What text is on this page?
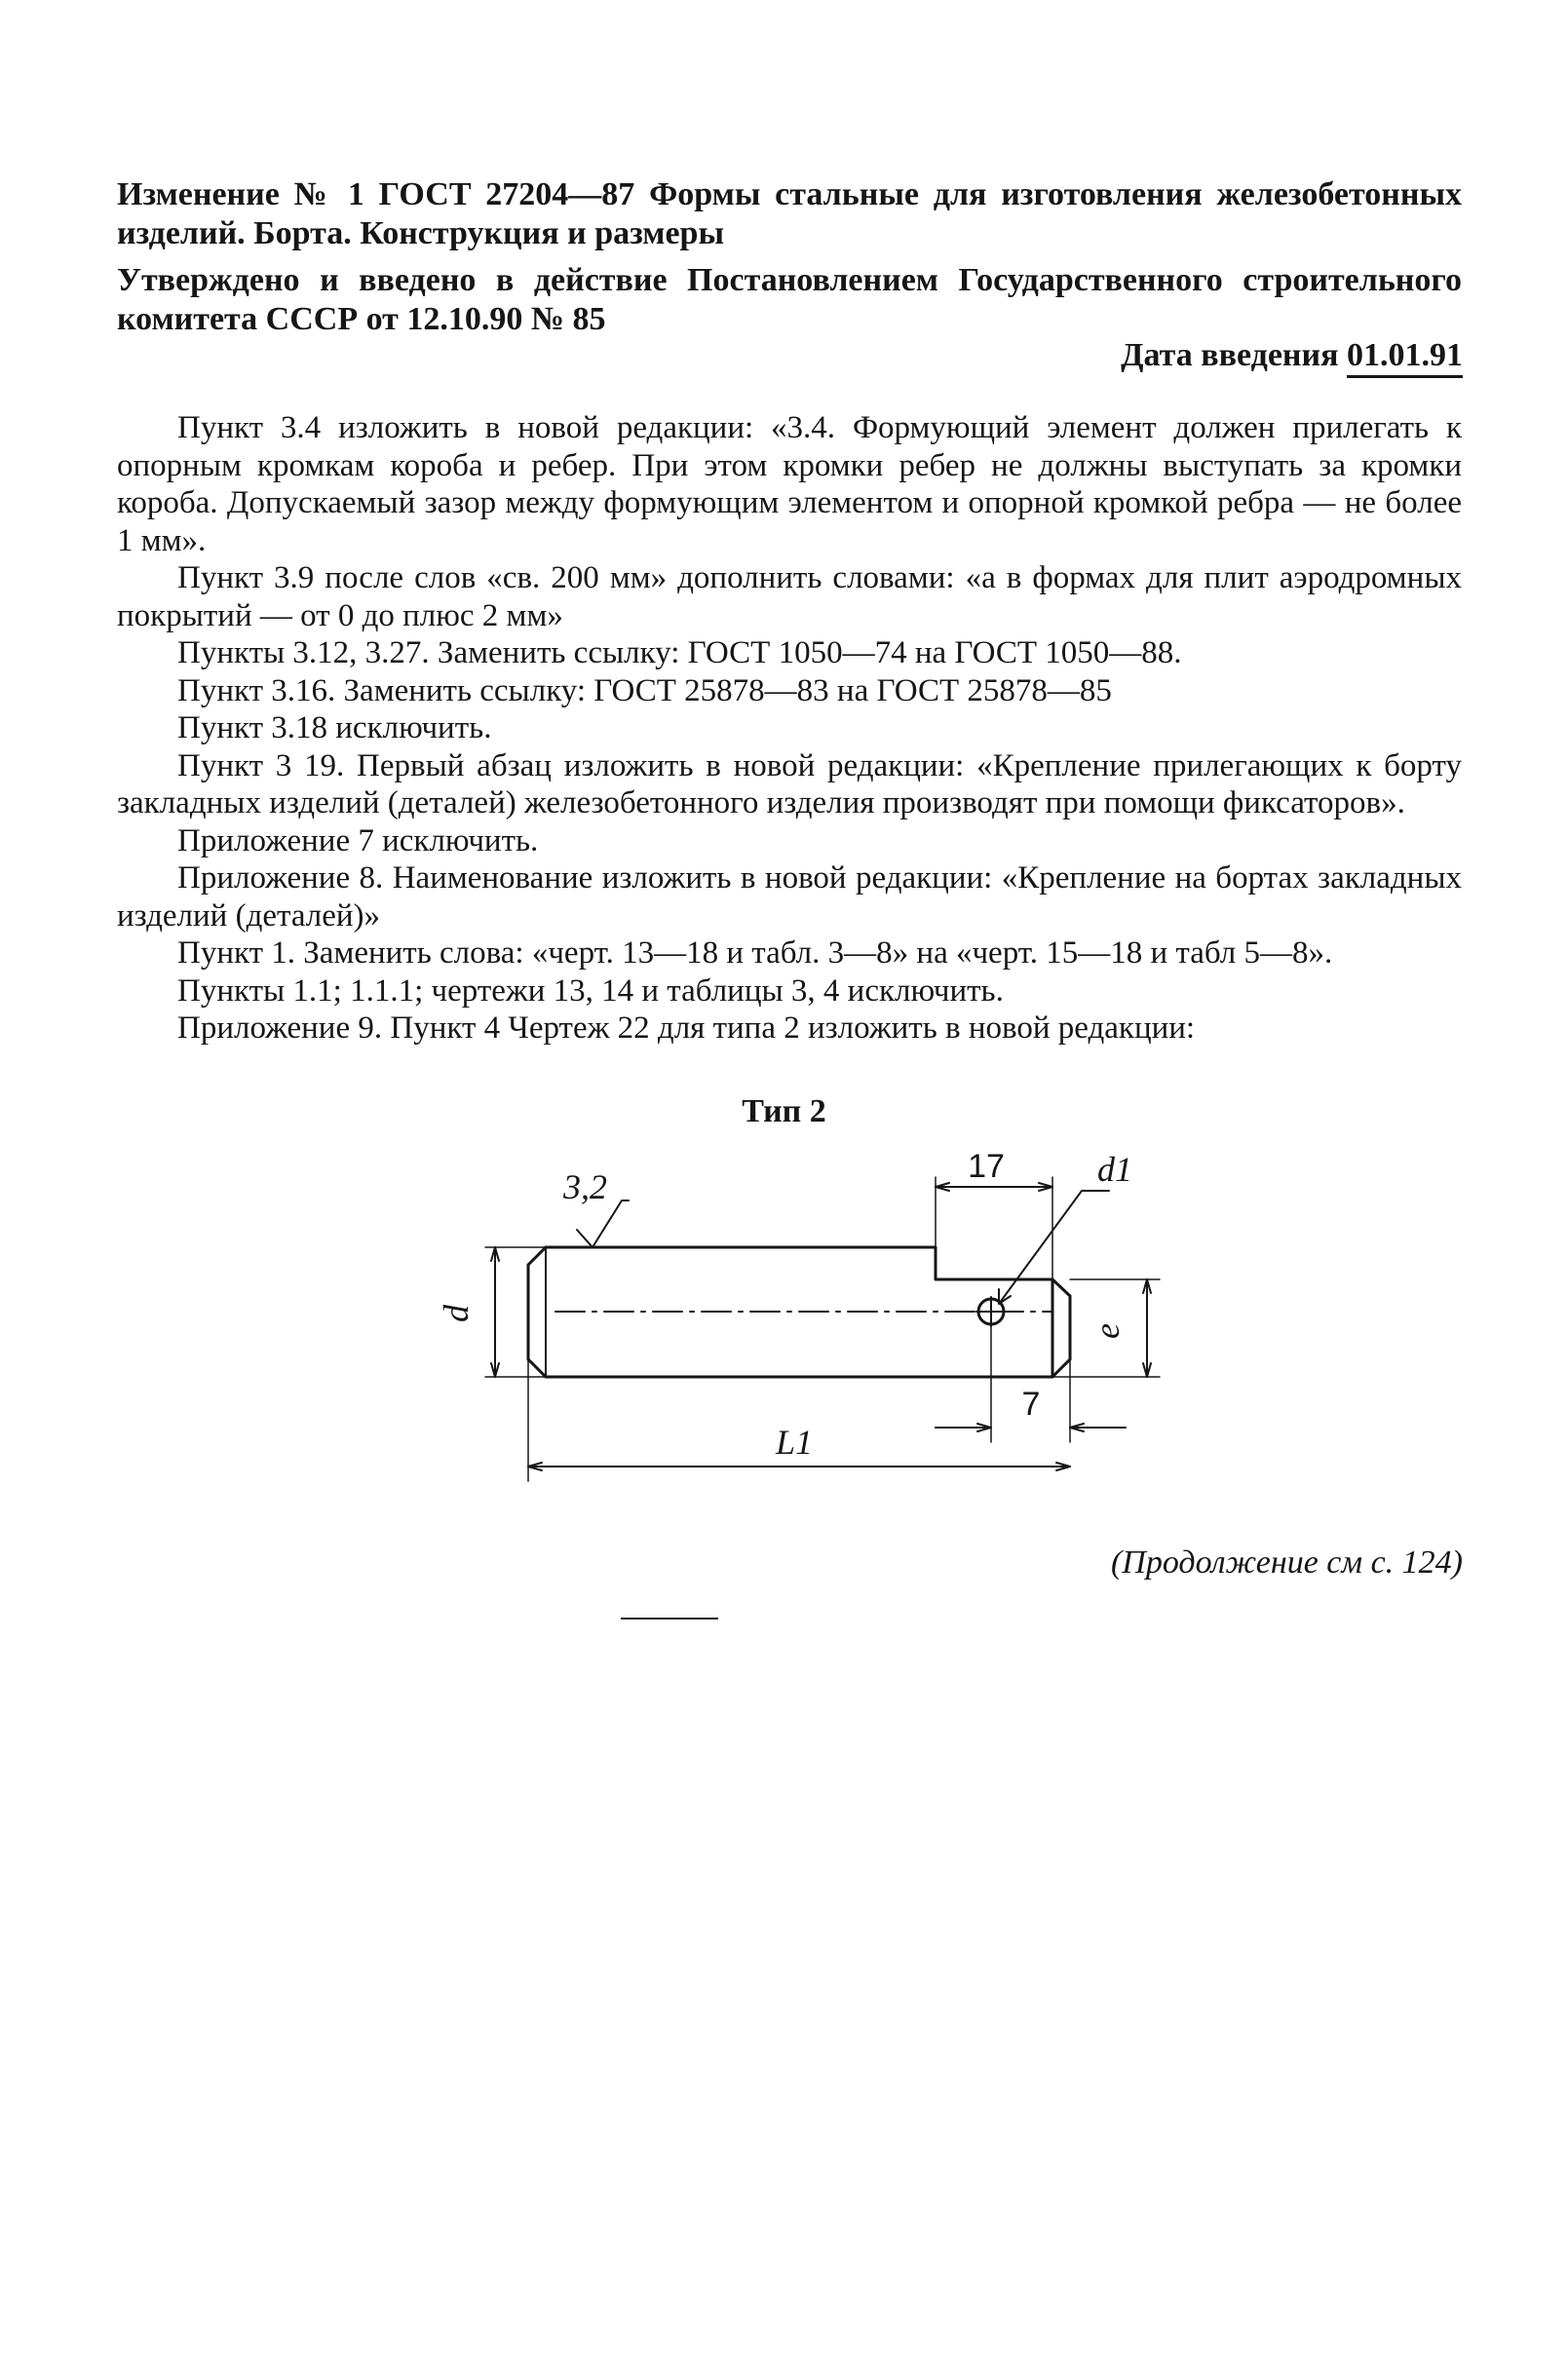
Изменение № 1 ГОСТ 27204—87 Формы стальные для изготовления железобетонных изделий. Борта. Конструкция и размеры
Утверждено и введено в действие Постановлением Государственного строительного комитета СССР от 12.10.90 № 85
Дата введения 01.01.91

Пункт 3.4 изложить в новой редакции: «3.4. Формующий элемент должен прилегать к опорным кромкам короба и ребер. При этом кромки ребер не должны выступать за кромки короба. Допускаемый зазор между формующим элементом и опорной кромкой ребра — не более 1 мм».

Пункт 3.9 после слов «св. 200 мм» дополнить словами: «а в формах для плит аэродромных покрытий — от 0 до плюс 2 мм»

Пункты 3.12, 3.27. Заменить ссылку: ГОСТ 1050—74 на ГОСТ 1050—88.

Пункт 3.16. Заменить ссылку: ГОСТ 25878—83 на ГОСТ 25878—85

Пункт 3.18 исключить.

Пункт 3 19. Первый абзац изложить в новой редакции: «Крепление прилегающих к борту закладных изделий (деталей) железобетонного изделия производят при помощи фиксаторов».

Приложение 7 исключить.

Приложение 8. Наименование изложить в новой редакции: «Крепление на бортах закладных изделий (деталей)»

Пункт 1. Заменить слова: «черт. 13—18 и табл. 3—8» на «черт. 15—18 и табл 5—8».

Пункты 1.1; 1.1.1; чертежи 13, 14 и таблицы 3, 4 исключить.

Приложение 9. Пункт 4 Чертеж 22 для типа 2 изложить в новой редакции:

Тип 2
3,2
17	d1
d
e
7
L1
(Продолжение см с. 124)
